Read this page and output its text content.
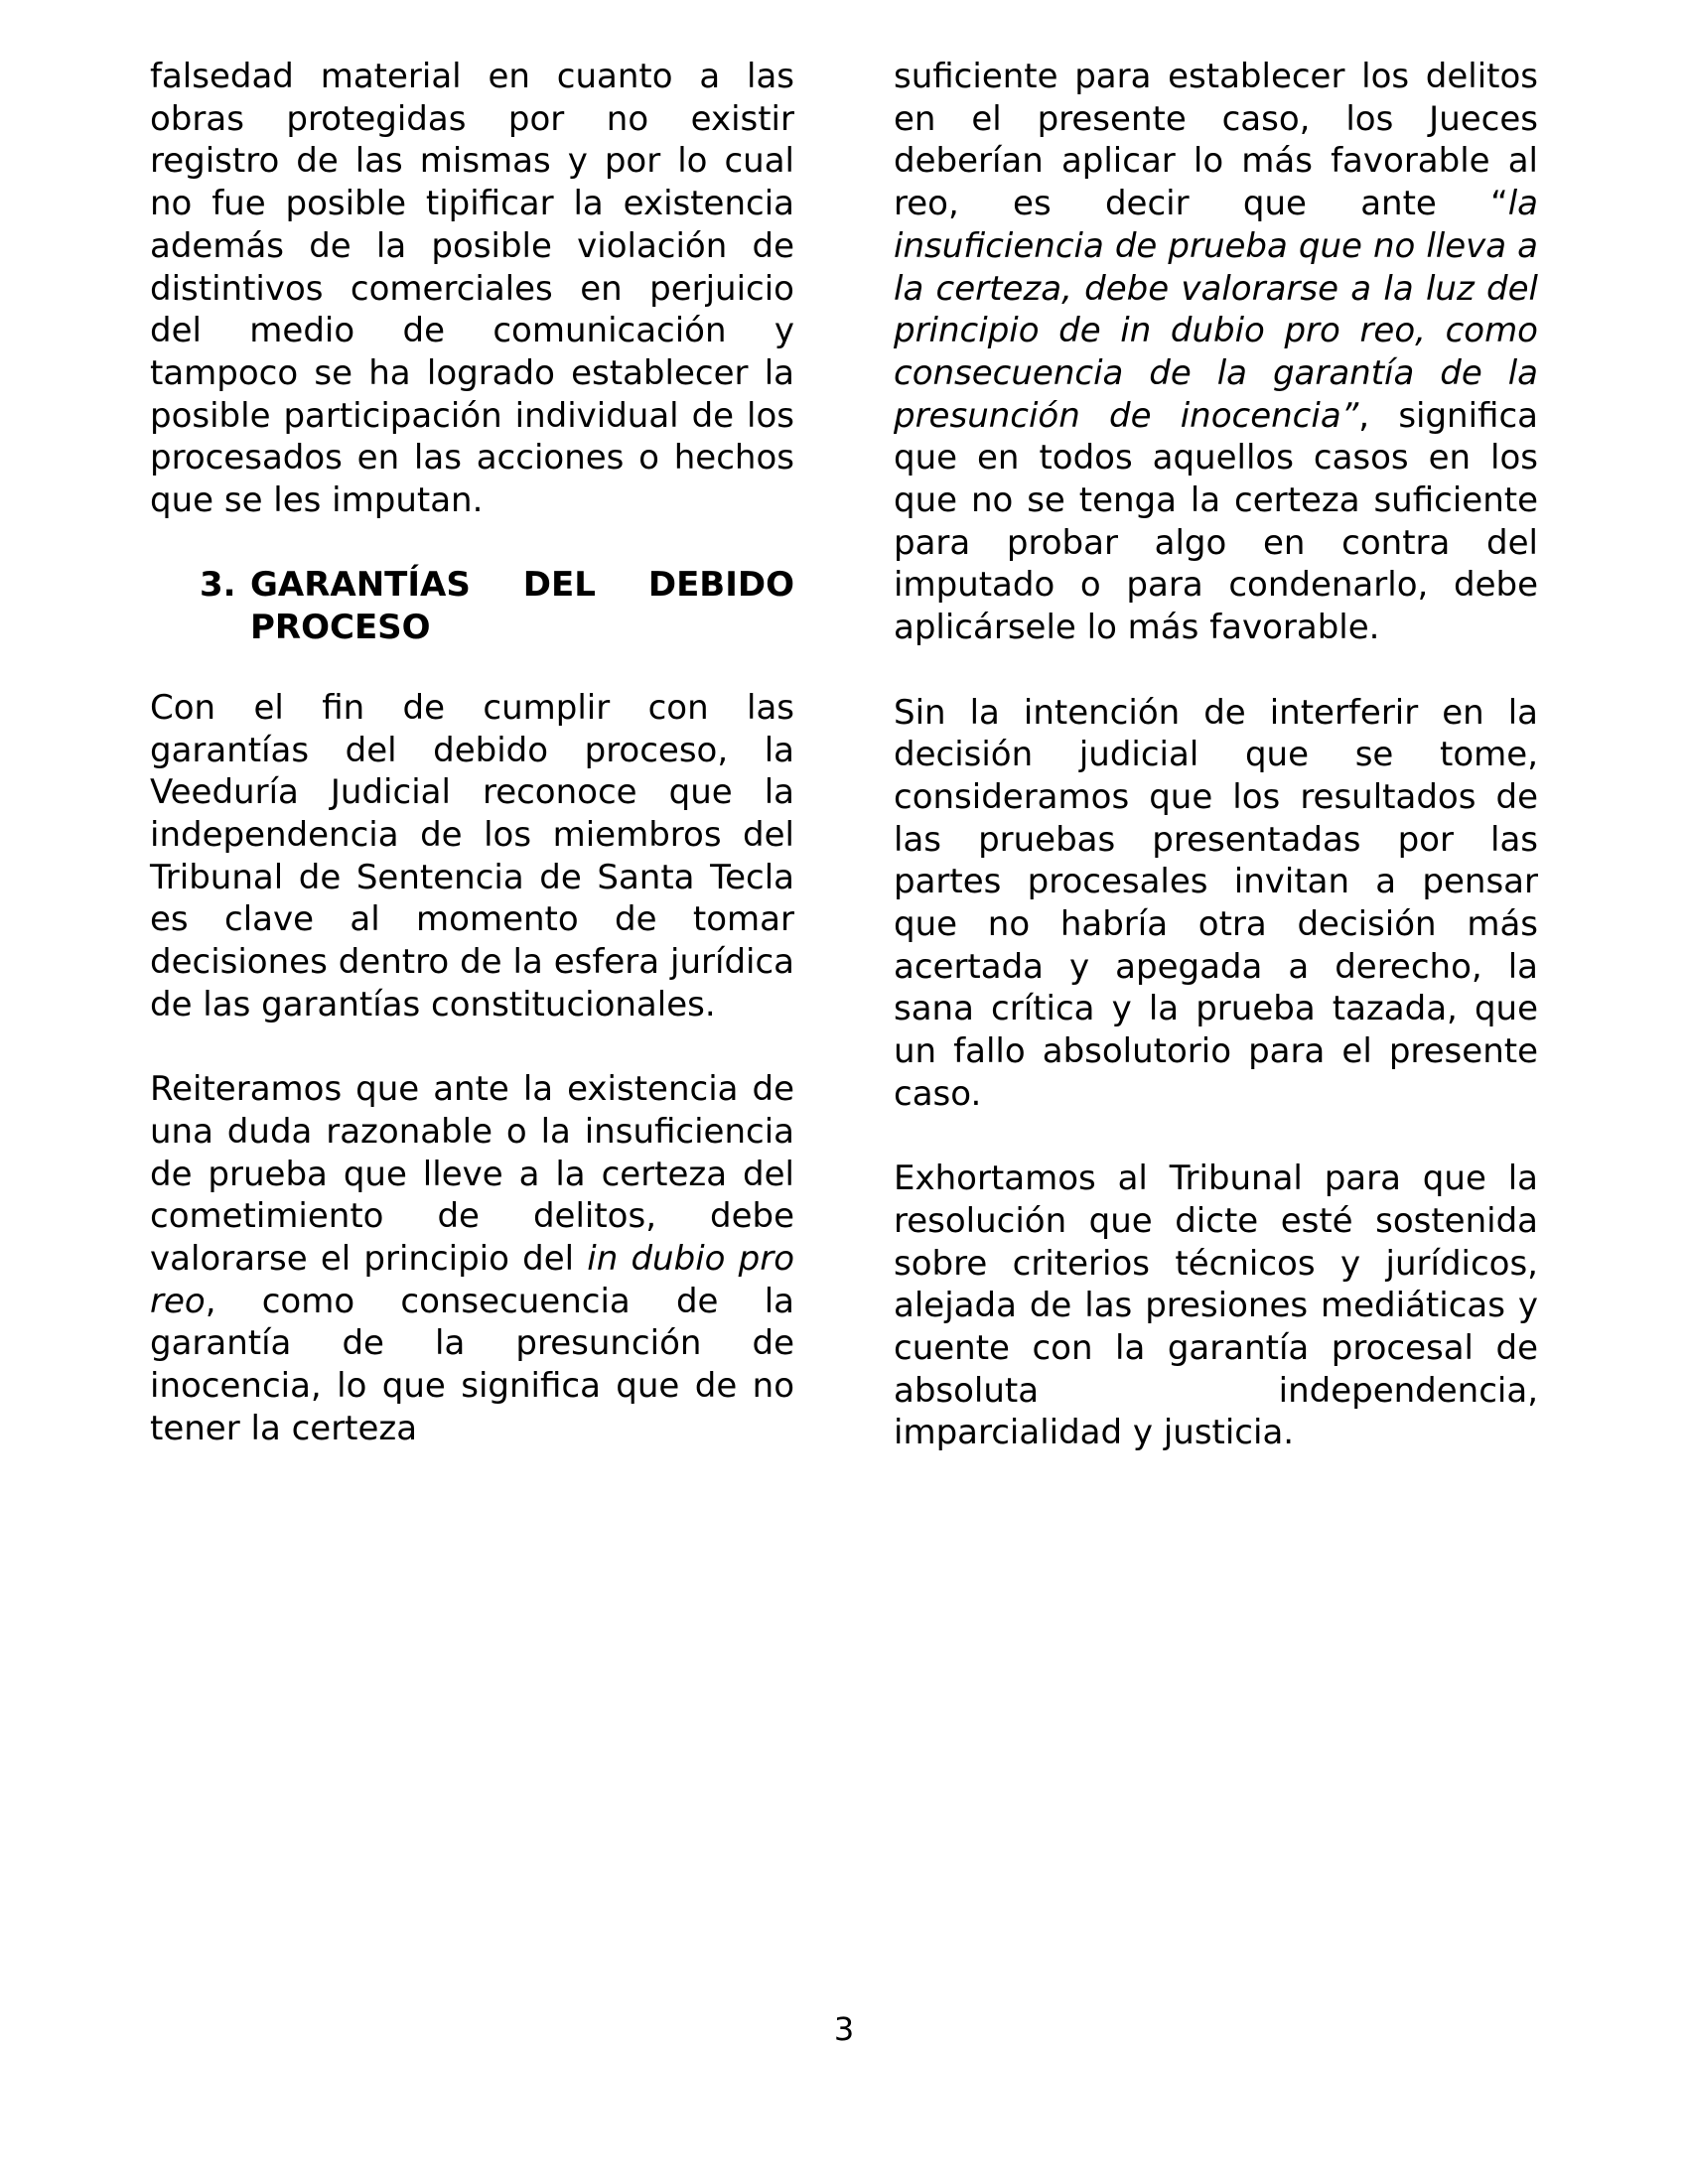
falsedad material en cuanto a las obras protegidas por no existir registro de las mismas y por lo cual no fue posible tipificar la existencia además de la posible violación de distintivos comerciales en perjuicio del medio de comunicación y tampoco se ha logrado establecer la posible participación individual de los procesados en las acciones o hechos que se les imputan.

3. GARANTÍAS DEL DEBIDO PROCESO

Con el fin de cumplir con las garantías del debido proceso, la Veeduría Judicial reconoce que la independencia de los miembros del Tribunal de Sentencia de Santa Tecla es clave al momento de tomar decisiones dentro de la esfera jurídica de las garantías constitucionales.

Reiteramos que ante la existencia de una duda razonable o la insuficiencia de prueba que lleve a la certeza del cometimiento de delitos, debe valorarse el principio del in dubio pro reo, como consecuencia de la garantía de la presunción de inocencia, lo que significa que de no tener la certeza

suficiente para establecer los delitos en el presente caso, los Jueces deberían aplicar lo más favorable al reo, es decir que ante “la insuficiencia de prueba que no lleva a la certeza, debe valorarse a la luz del principio de in dubio pro reo, como consecuencia de la garantía de la presunción de inocencia”, significa que en todos aquellos casos en los que no se tenga la certeza suficiente para probar algo en contra del imputado o para condenarlo, debe aplicársele lo más favorable.

Sin la intención de interferir en la decisión judicial que se tome, consideramos que los resultados de las pruebas presentadas por las partes procesales invitan a pensar que no habría otra decisión más acertada y apegada a derecho, la sana crítica y la prueba tazada, que un fallo absolutorio para el presente caso.

Exhortamos al Tribunal para que la resolución que dicte esté sostenida sobre criterios técnicos y jurídicos, alejada de las presiones mediáticas y cuente con la garantía procesal de absoluta independencia, imparcialidad y justicia.

3
